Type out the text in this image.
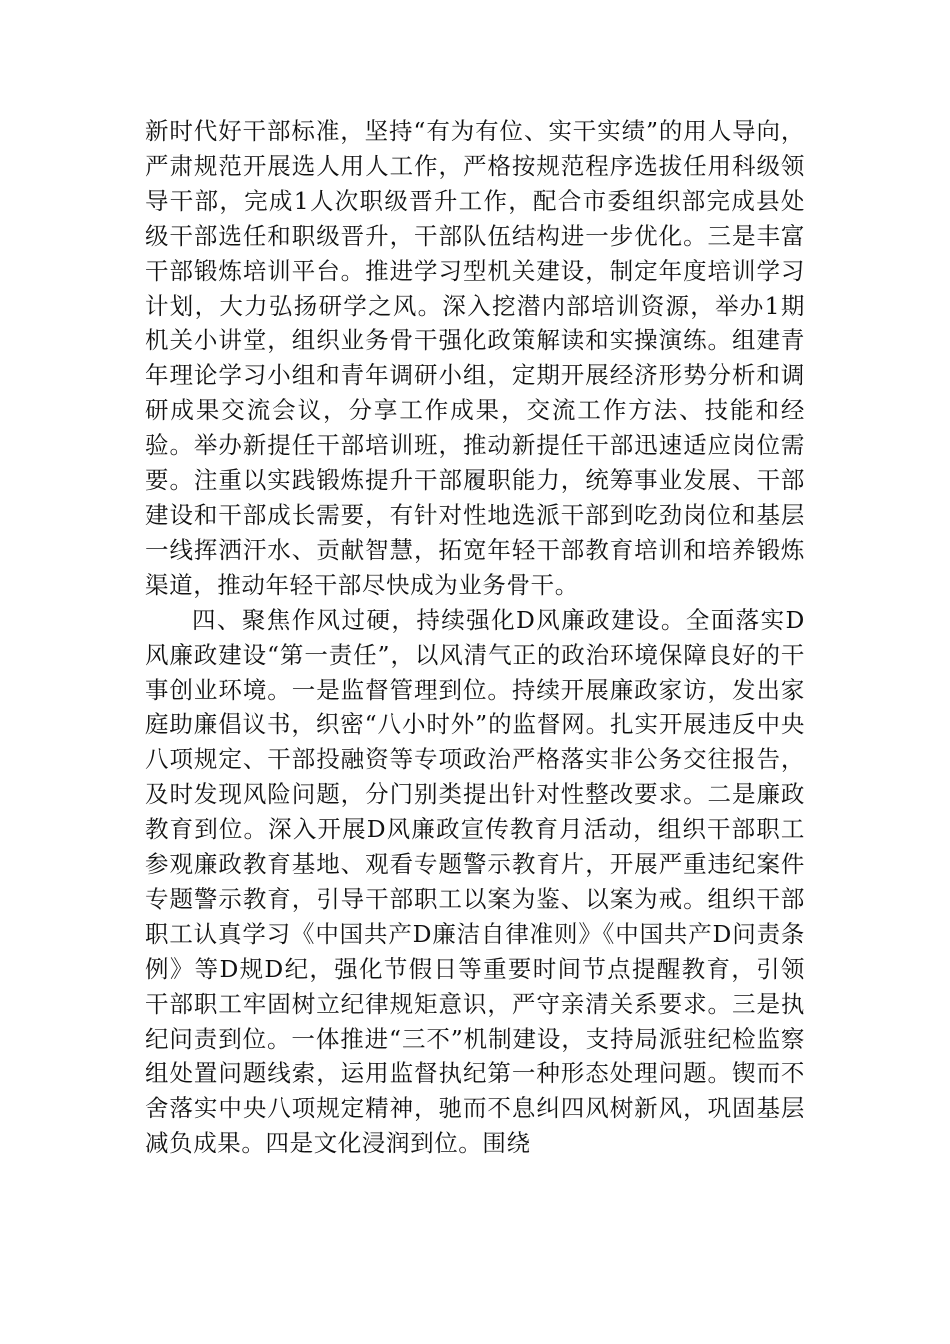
新时代好干部标准，坚持“有为有位、实干实绩”的用人导向，严肃规范开展选人用人工作，严格按规范程序选拔任用科级领导干部，完成1人次职级晋升工作，配合市委组织部完成县处级干部选任和职级晋升，干部队伍结构进一步优化。三是丰富干部锻炼培训平台。推进学习型机关建设，制定年度培训学习计划，大力弘扬研学之风。深入挖潜内部培训资源，举办1期机关小讲堂，组织业务骨干强化政策解读和实操演练。组建青年理论学习小组和青年调研小组，定期开展经济形势分析和调研成果交流会议，分享工作成果，交流工作方法、技能和经验。举办新提任干部培训班，推动新提任干部迅速适应岗位需要。注重以实践锻炼提升干部履职能力，统筹事业发展、干部建设和干部成长需要，有针对性地选派干部到吃劲岗位和基层一线挥洒汗水、贡献智慧，拓宽年轻干部教育培训和培养锻炼渠道，推动年轻干部尽快成为业务骨干。

四、聚焦作风过硬，持续强化D风廉政建设。全面落实D风廉政建设“第一责任”，以风清气正的政治环境保障良好的干事创业环境。一是监督管理到位。持续开展廉政家访，发出家庭助廉倡议书，织密“八小时外”的监督网。扎实开展违反中央八项规定、干部投融资等专项政治严格落实非公务交往报告，及时发现风险问题，分门别类提出针对性整改要求。二是廉政教育到位。深入开展D风廉政宣传教育月活动，组织干部职工参观廉政教育基地、观看专题警示教育片，开展严重违纪案件专题警示教育，引导干部职工以案为鉴、以案为戒。组织干部职工认真学习《中国共产D廉洁自律准则》《中国共产D问责条例》等D规D纪，强化节假日等重要时间节点提醒教育，引领干部职工牢固树立纪律规矩意识，严守亲清关系要求。三是执纪问责到位。一体推进“三不”机制建设，支持局派驻纪检监察组处置问题线索，运用监督执纪第一种形态处理问题。锲而不舍落实中央八项规定精神，驰而不息纠四风树新风，巩固基层减负成果。四是文化浸润到位。围绕
